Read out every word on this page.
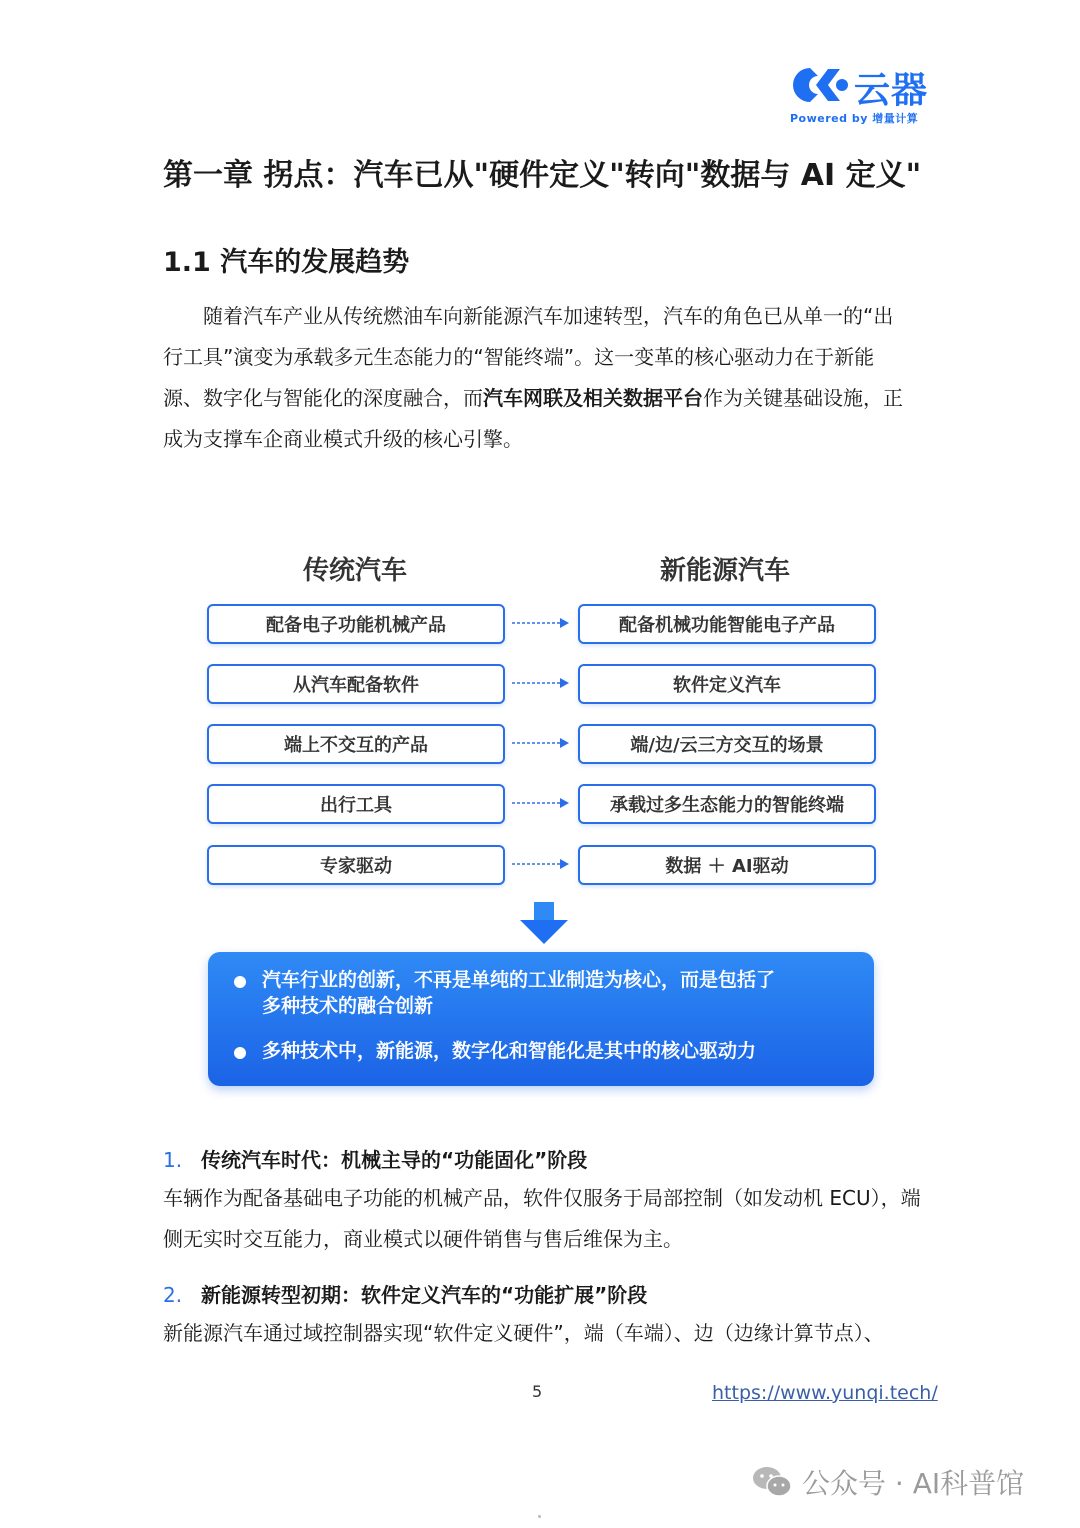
云器
Powered by 增量计算
第一章 拐点：汽车已从"硬件定义"转向"数据与 AI 定义"
1.1 汽车的发展趋势
随着汽车产业从传统燃油车向新能源汽车加速转型，汽车的角色已从单一的“出
行工具”演变为承载多元生态能力的“智能终端”。这一变革的核心驱动力在于新能
源、数字化与智能化的深度融合，而汽车网联及相关数据平台作为关键基础设施，正
成为支撑车企商业模式升级的核心引擎。
传统汽车	新能源汽车
配备电子功能机械产品	配备机械功能智能电子产品
从汽车配备软件	软件定义汽车
端上不交互的产品	端/边/云三方交互的场景
出行工具	承载过多生态能力的智能终端
专家驱动	数据 ＋ AI驱动
汽车行业的创新，不再是单纯的工业制造为核心，而是包括了
多种技术的融合创新
多种技术中，新能源，数字化和智能化是其中的核心驱动力
1. 传统汽车时代：机械主导的“功能固化”阶段
车辆作为配备基础电子功能的机械产品，软件仅服务于局部控制（如发动机 ECU），端
侧无实时交互能力，商业模式以硬件销售与售后维保为主。
2. 新能源转型初期：软件定义汽车的“功能扩展”阶段
新能源汽车通过域控制器实现“软件定义硬件”，端（车端）、边（边缘计算节点）、
5	https://www.yunqi.tech/
公众号 · AI科普馆
